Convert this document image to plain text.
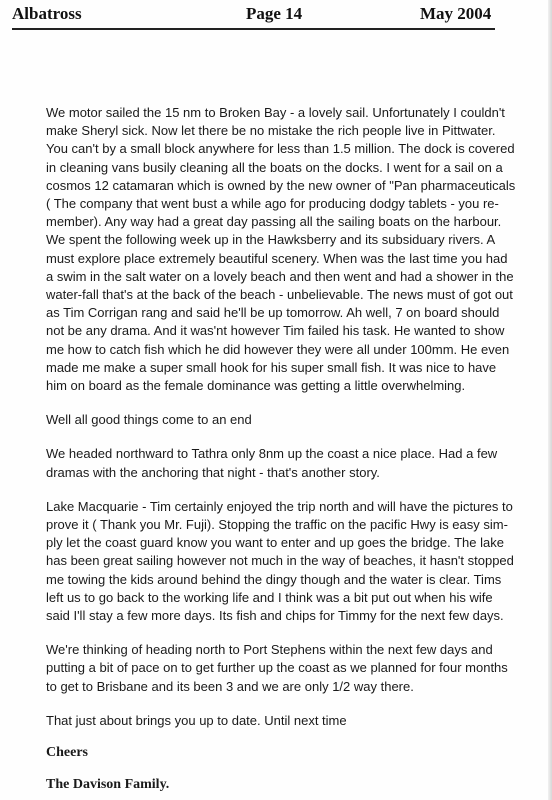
Albatross	Page 14	May 2004

We motor sailed the 15 nm to Broken Bay - a lovely sail. Unfortunately I couldn't make Sheryl sick. Now let there be no mistake the rich people live in Pittwater. You can't by a small block anywhere for less than 1.5 million. The dock is covered in cleaning vans busily cleaning all the boats on the docks. I went for a sail on a cosmos 12 catamaran which is owned by the new owner of "Pan pharmaceuticals ( The company that went bust a while ago for producing dodgy tablets - you re-member). Any way had a great day passing all the sailing boats on the harbour. We spent the following week up in the Hawksberry and its subsiduary rivers. A must explore place extremely beautiful scenery. When was the last time you had a swim in the salt water on a lovely beach and then went and had a shower in the water-fall that's at the back of the beach - unbelievable. The news must of got out as Tim Corrigan rang and said he'll be up tomorrow. Ah well, 7 on board should not be any drama. And it was'nt however Tim failed his task. He wanted to show me how to catch fish which he did however they were all under 100mm. He even made me make a super small hook for his super small fish. It was nice to have him on board as the female dominance was getting a little overwhelming.

Well all good things come to an end

We headed northward to Tathra only 8nm up the coast a nice place. Had a few dramas with the anchoring that night - that's another story.

Lake Macquarie - Tim certainly enjoyed the trip north and will have the pictures to prove it ( Thank you Mr. Fuji). Stopping the traffic on the pacific Hwy is easy sim-ply let the coast guard know you want to enter and up goes the bridge. The lake has been great sailing however not much in the way of beaches, it hasn't stopped me towing the kids around behind the dingy though and the water is clear. Tims left us to go back to the working life and I think was a bit put out when his wife said I'll stay a few more days. Its fish and chips for Timmy for the next few days.

We're thinking of heading north to Port Stephens within the next few days and putting a bit of pace on to get further up the coast as we planned for four months to get to Brisbane and its been 3 and we are only 1/2 way there.

That just about brings you up to date. Until next time

Cheers

The Davison Family.
